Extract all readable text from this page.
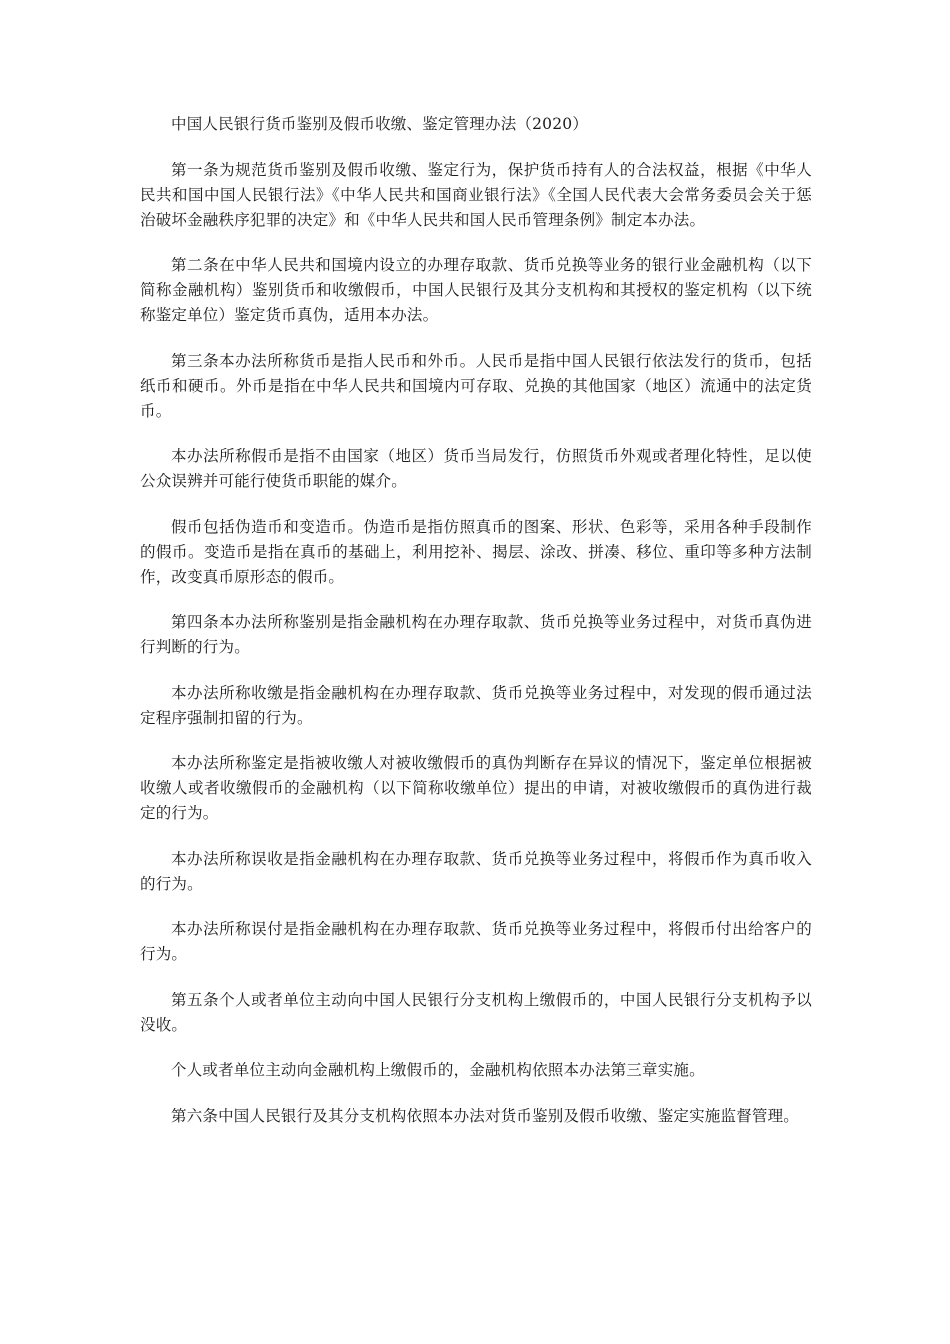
中国人民银行货币鉴别及假币收缴、鉴定管理办法（2020）

第一条为规范货币鉴别及假币收缴、鉴定行为，保护货币持有人的合法权益，根据《中华人民共和国中国人民银行法》《中华人民共和国商业银行法》《全国人民代表大会常务委员会关于惩治破坏金融秩序犯罪的决定》和《中华人民共和国人民币管理条例》制定本办法。

第二条在中华人民共和国境内设立的办理存取款、货币兑换等业务的银行业金融机构（以下简称金融机构）鉴别货币和收缴假币，中国人民银行及其分支机构和其授权的鉴定机构（以下统称鉴定单位）鉴定货币真伪，适用本办法。

第三条本办法所称货币是指人民币和外币。人民币是指中国人民银行依法发行的货币，包括纸币和硬币。外币是指在中华人民共和国境内可存取、兑换的其他国家（地区）流通中的法定货币。

本办法所称假币是指不由国家（地区）货币当局发行，仿照货币外观或者理化特性，足以使公众误辨并可能行使货币职能的媒介。

假币包括伪造币和变造币。伪造币是指仿照真币的图案、形状、色彩等，采用各种手段制作的假币。变造币是指在真币的基础上，利用挖补、揭层、涂改、拼凑、移位、重印等多种方法制作，改变真币原形态的假币。

第四条本办法所称鉴别是指金融机构在办理存取款、货币兑换等业务过程中，对货币真伪进行判断的行为。

本办法所称收缴是指金融机构在办理存取款、货币兑换等业务过程中，对发现的假币通过法定程序强制扣留的行为。

本办法所称鉴定是指被收缴人对被收缴假币的真伪判断存在异议的情况下，鉴定单位根据被收缴人或者收缴假币的金融机构（以下简称收缴单位）提出的申请，对被收缴假币的真伪进行裁定的行为。

本办法所称误收是指金融机构在办理存取款、货币兑换等业务过程中，将假币作为真币收入的行为。

本办法所称误付是指金融机构在办理存取款、货币兑换等业务过程中，将假币付出给客户的行为。

第五条个人或者单位主动向中国人民银行分支机构上缴假币的，中国人民银行分支机构予以没收。

个人或者单位主动向金融机构上缴假币的，金融机构依照本办法第三章实施。

第六条中国人民银行及其分支机构依照本办法对货币鉴别及假币收缴、鉴定实施监督管理。
